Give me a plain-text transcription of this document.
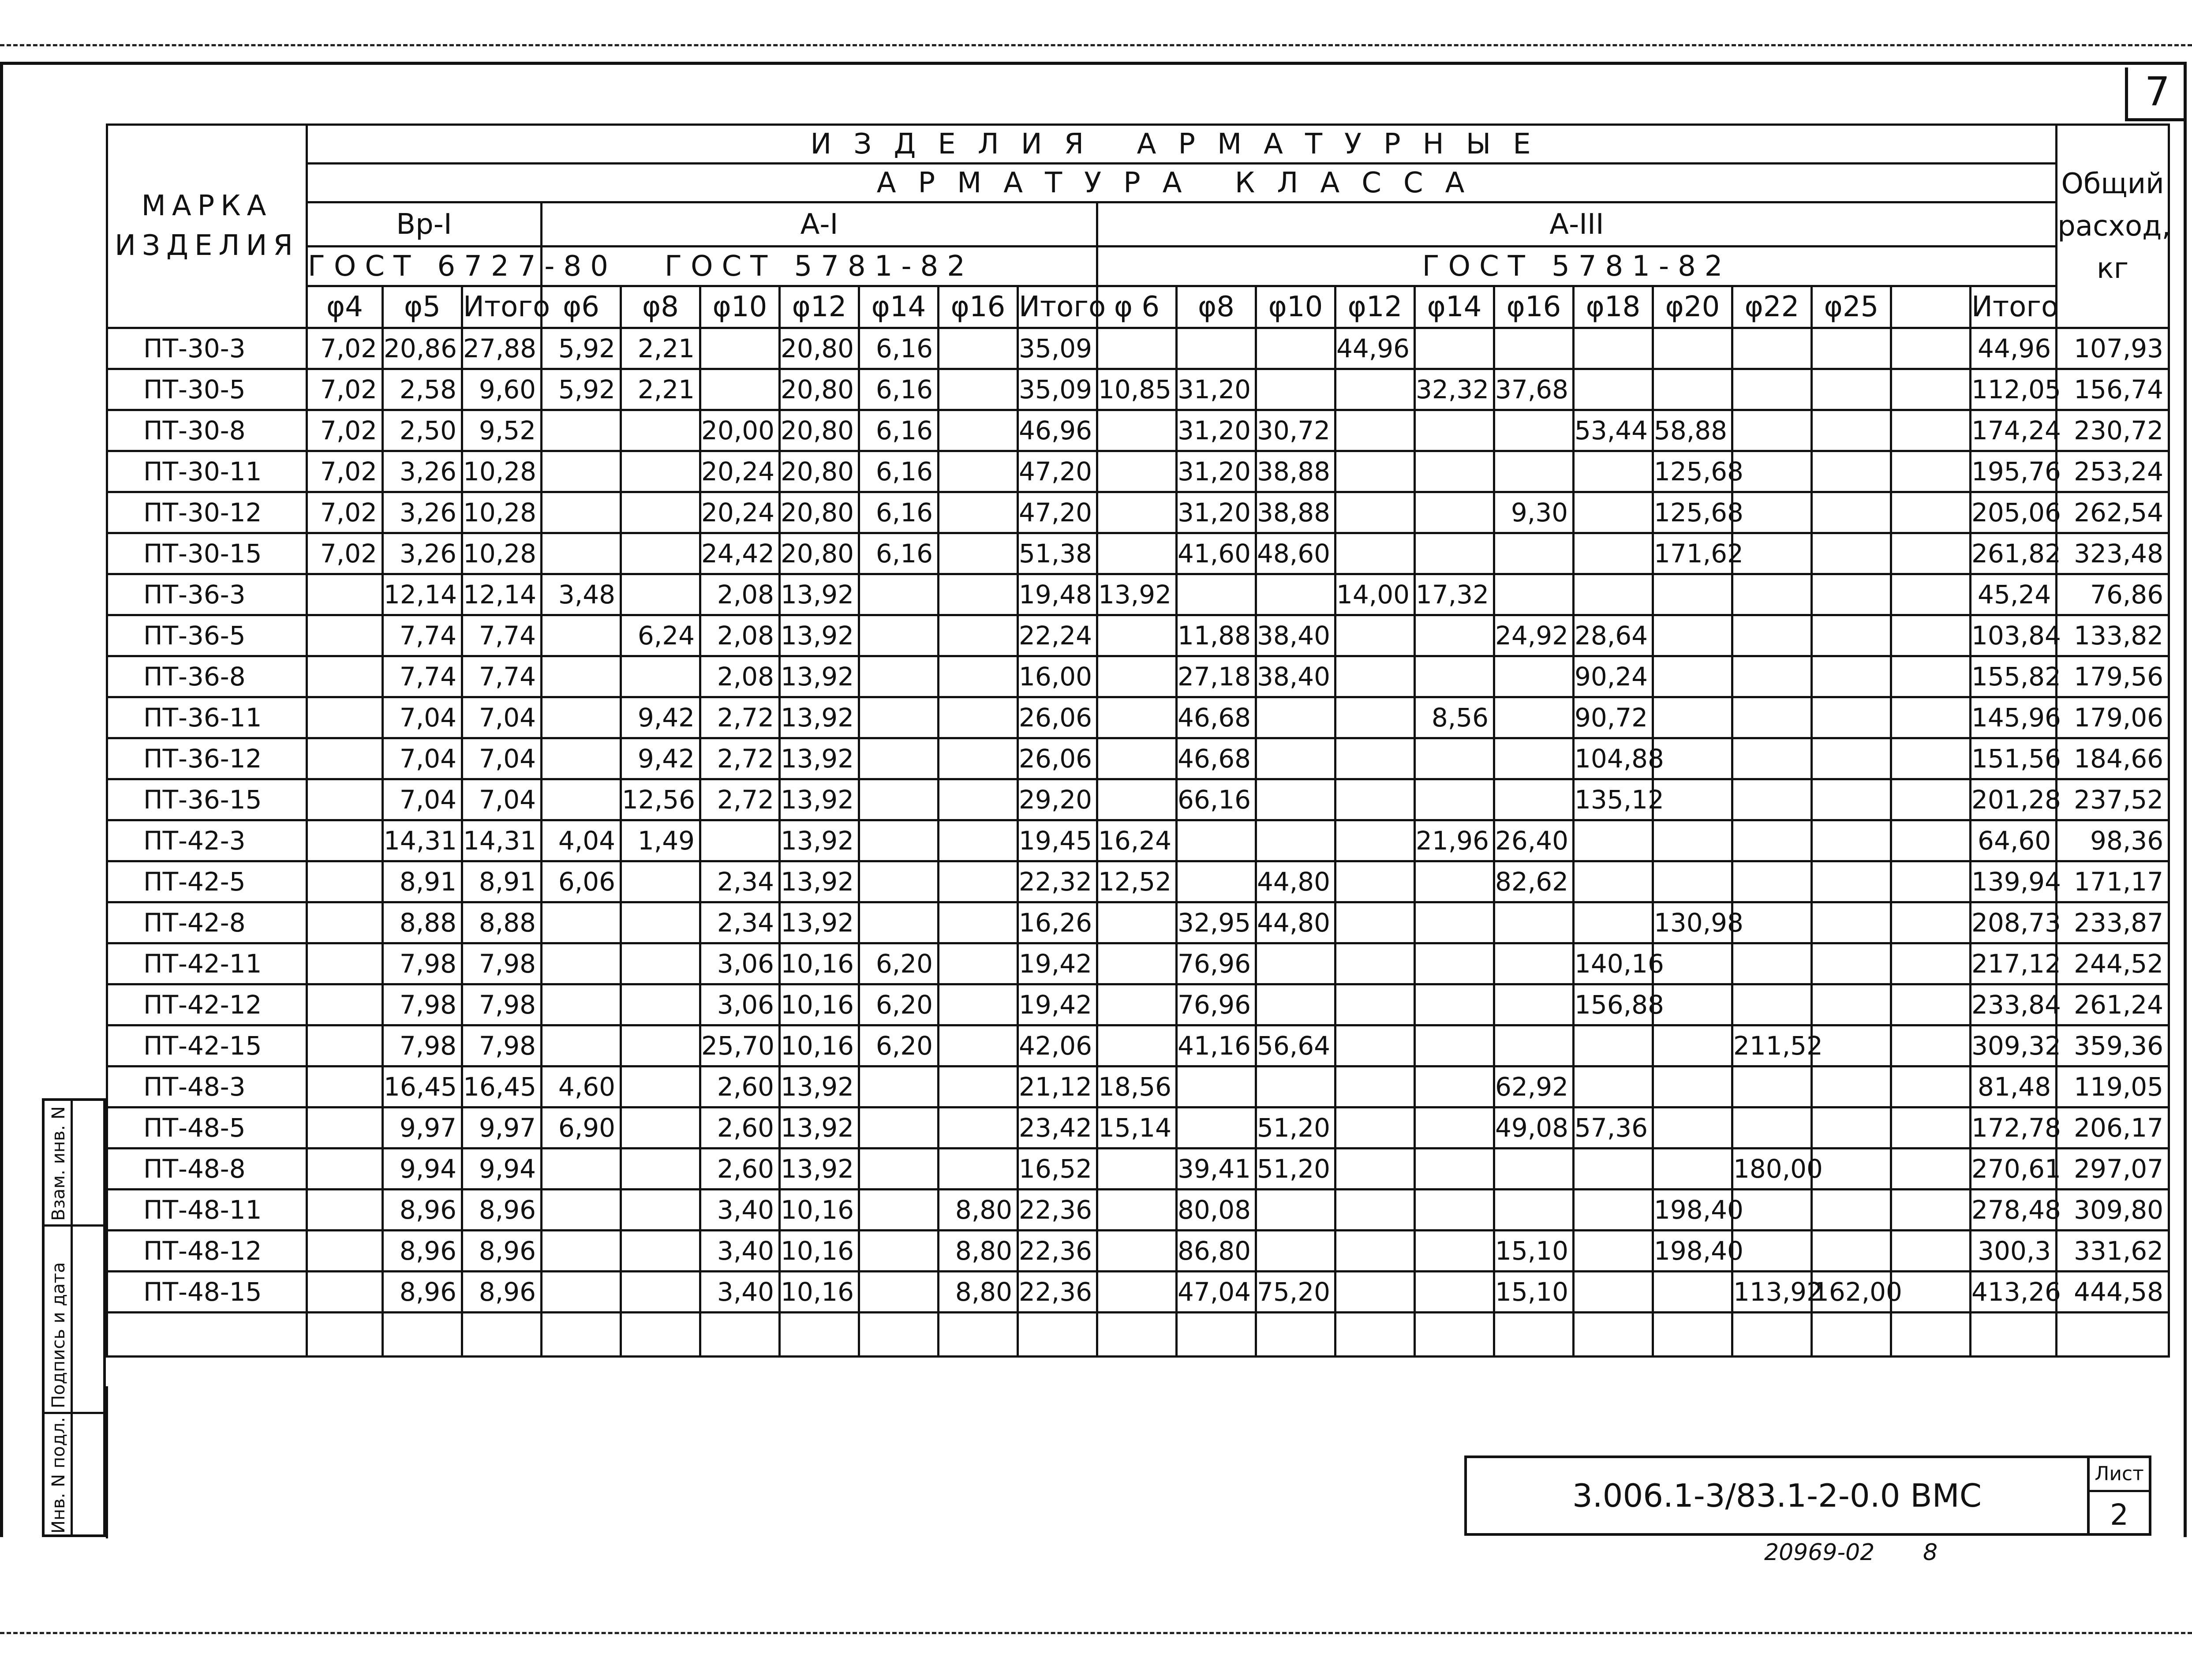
7
МАРКА ИЗДЕЛИЯ	ИЗДЕЛИЯ АРМАТУРНЫЕ																						Общий расход, кг
	АРМАТУРА КЛАССА																						
	Вр-I			А-I							А-III												
	ГОСТ 6727-80			ГОСТ 5781-82							ГОСТ 5781-82												
	φ4	φ5	Итого	φ6	φ8	φ10	φ12	φ14	φ16	Итого	φ 6	φ8	φ10	φ12	φ14	φ16	φ18	φ20	φ22	φ25		Итого	
ПТ-30-3	7,02	20,86	27,88	5,92	2,21		20,80	6,16		35,09				44,96								44,96	107,93
ПТ-30-5	7,02	2,58	9,60	5,92	2,21		20,80	6,16		35,09	10,85	31,20			32,32	37,68						112,05	156,74
ПТ-30-8	7,02	2,50	9,52			20,00	20,80	6,16		46,96		31,20	30,72				53,44	58,88				174,24	230,72
ПТ-30-11	7,02	3,26	10,28			20,24	20,80	6,16		47,20		31,20	38,88					125,68				195,76	253,24
ПТ-30-12	7,02	3,26	10,28			20,24	20,80	6,16		47,20		31,20	38,88			9,30		125,68				205,06	262,54
ПТ-30-15	7,02	3,26	10,28			24,42	20,80	6,16		51,38		41,60	48,60					171,62				261,82	323,48
ПТ-36-3		12,14	12,14	3,48		2,08	13,92			19,48	13,92			14,00	17,32							45,24	76,86
ПТ-36-5		7,74	7,74		6,24	2,08	13,92			22,24		11,88	38,40			24,92	28,64					103,84	133,82
ПТ-36-8		7,74	7,74			2,08	13,92			16,00		27,18	38,40				90,24					155,82	179,56
ПТ-36-11		7,04	7,04		9,42	2,72	13,92			26,06		46,68			8,56		90,72					145,96	179,06
ПТ-36-12		7,04	7,04		9,42	2,72	13,92			26,06		46,68					104,88					151,56	184,66
ПТ-36-15		7,04	7,04		12,56	2,72	13,92			29,20		66,16					135,12					201,28	237,52
ПТ-42-3		14,31	14,31	4,04	1,49		13,92			19,45	16,24				21,96	26,40						64,60	98,36
ПТ-42-5		8,91	8,91	6,06		2,34	13,92			22,32	12,52		44,80			82,62						139,94	171,17
ПТ-42-8		8,88	8,88			2,34	13,92			16,26		32,95	44,80					130,98				208,73	233,87
ПТ-42-11		7,98	7,98			3,06	10,16	6,20		19,42		76,96					140,16					217,12	244,52
ПТ-42-12		7,98	7,98			3,06	10,16	6,20		19,42		76,96					156,88					233,84	261,24
ПТ-42-15		7,98	7,98			25,70	10,16	6,20		42,06		41,16	56,64						211,52			309,32	359,36
ПТ-48-3		16,45	16,45	4,60		2,60	13,92			21,12	18,56					62,92						81,48	119,05
ПТ-48-5		9,97	9,97	6,90		2,60	13,92			23,42	15,14		51,20			49,08	57,36					172,78	206,17
ПТ-48-8		9,94	9,94			2,60	13,92			16,52		39,41	51,20						180,00			270,61	297,07
ПТ-48-11		8,96	8,96			3,40	10,16		8,80	22,36		80,08						198,40				278,48	309,80
ПТ-48-12		8,96	8,96			3,40	10,16		8,80	22,36		86,80				15,10		198,40				300,3	331,62
ПТ-48-15		8,96	8,96			3,40	10,16		8,80	22,36		47,04	75,20			15,10			113,92	162,00		413,26	444,58

3.006.1-3/83.1-2-0.0 ВМС
Лист
2
Взам. инв. N
Подпись и дата
Инв. N подл.
20969-02 8
